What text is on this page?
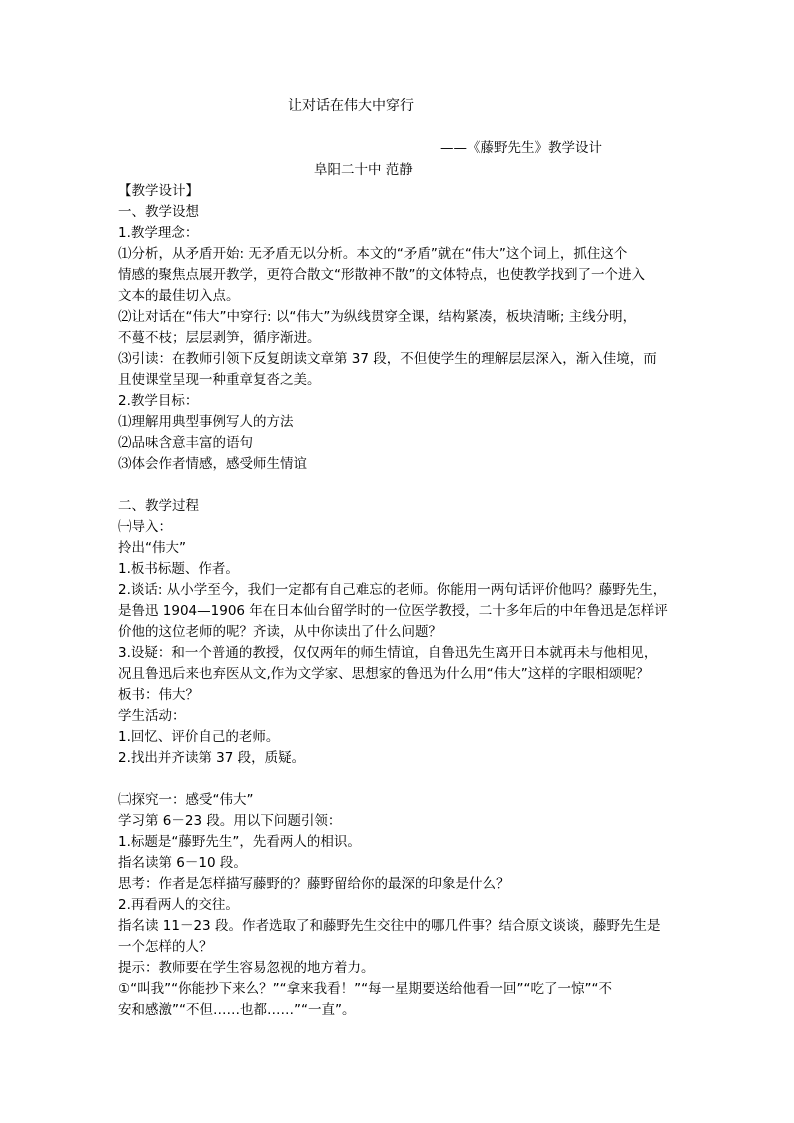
让对话在伟大中穿行
——《藤野先生》教学设计
阜阳二十中 范静
【教学设计】
一、教学设想
1.教学理念：
⑴分析，从矛盾开始: 无矛盾无以分析。本文的“矛盾”就在“伟大”这个词上，抓住这个
情感的聚焦点展开教学，更符合散文“形散神不散”的文体特点，也使教学找到了一个进入
文本的最佳切入点。
⑵让对话在“伟大”中穿行: 以“伟大”为纵线贯穿全课，结构紧凑，板块清晰; 主线分明，
不蔓不枝；层层剥笋，循序渐进。
⑶引读：在教师引领下反复朗读文章第 37 段，不但使学生的理解层层深入，渐入佳境，而
且使课堂呈现一种重章复沓之美。
2.教学目标：
⑴理解用典型事例写人的方法
⑵品味含意丰富的语句
⑶体会作者情感，感受师生情谊
二、教学过程
㈠导入：
拎出“伟大”
1.板书标题、作者。
2.谈话: 从小学至今，我们一定都有自己难忘的老师。你能用一两句话评价他吗？藤野先生，
是鲁迅 1904—1906 年在日本仙台留学时的一位医学教授，二十多年后的中年鲁迅是怎样评
价他的这位老师的呢？齐读，从中你读出了什么问题？
3.设疑：和一个普通的教授，仅仅两年的师生情谊，自鲁迅先生离开日本就再未与他相见，
况且鲁迅后来也弃医从文,作为文学家、思想家的鲁迅为什么用“伟大”这样的字眼相颂呢？
板书：伟大？
学生活动：
1.回忆、评价自己的老师。
2.找出并齐读第 37 段，质疑。
㈡探究一：感受“伟大”
学习第 6－23 段。用以下问题引领：
1.标题是“藤野先生”，先看两人的相识。
指名读第 6－10 段。
思考：作者是怎样描写藤野的？藤野留给你的最深的印象是什么？
2.再看两人的交往。
指名读 11－23 段。作者选取了和藤野先生交往中的哪几件事？结合原文谈谈，藤野先生是
一个怎样的人？
提示：教师要在学生容易忽视的地方着力。
①“叫我”“你能抄下来么？”“拿来我看！”“每一星期要送给他看一回”“吃了一惊”“不
安和感激”“不但……也都……”“一直”。
